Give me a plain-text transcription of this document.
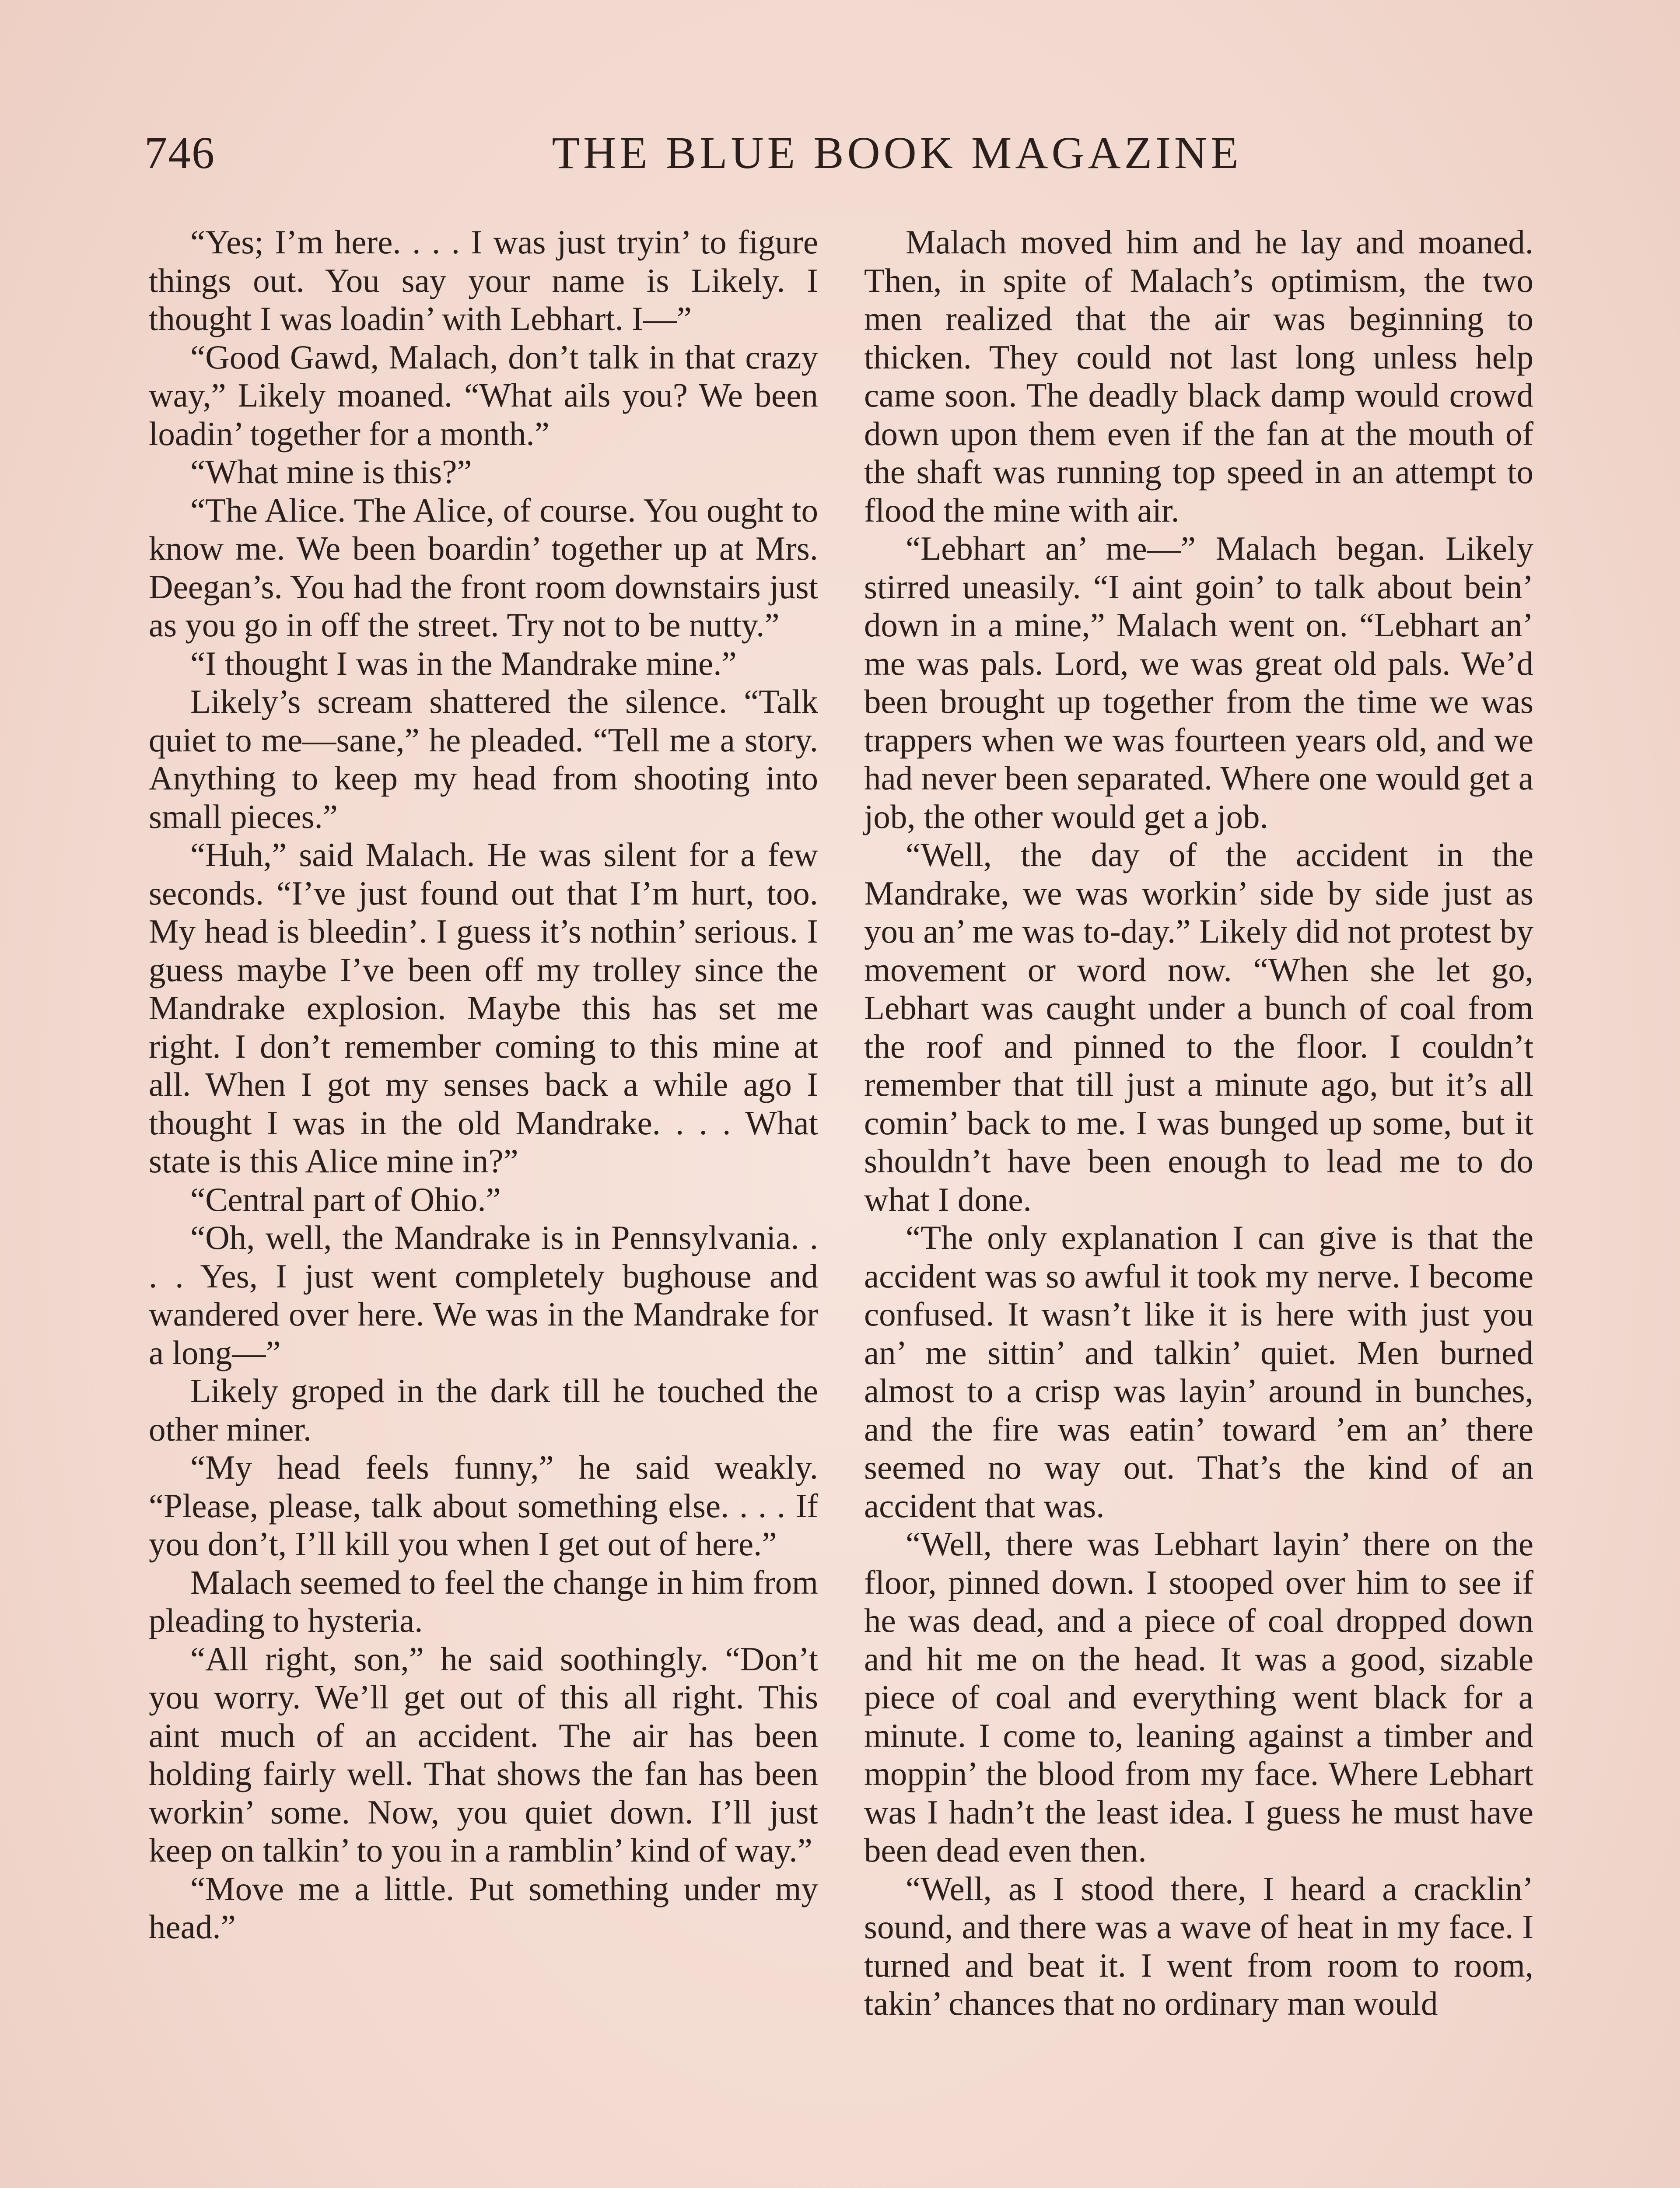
746	THE BLUE BOOK MAGAZINE

“Yes; I’m here. . . . I was just tryin’ to figure things out. You say your name is Likely. I thought I was loadin’ with Lebhart. I—”

“Good Gawd, Malach, don’t talk in that crazy way,” Likely moaned. “What ails you? We been loadin’ together for a month.”

“What mine is this?”

“The Alice. The Alice, of course. You ought to know me. We been boardin’ together up at Mrs. Deegan’s. You had the front room downstairs just as you go in off the street. Try not to be nutty.”

“I thought I was in the Mandrake mine.”

Likely’s scream shattered the silence. “Talk quiet to me—sane,” he pleaded. “Tell me a story. Anything to keep my head from shooting into small pieces.”

“Huh,” said Malach. He was silent for a few seconds. “I’ve just found out that I’m hurt, too. My head is bleedin’. I guess it’s nothin’ serious. I guess maybe I’ve been off my trolley since the Mandrake explosion. Maybe this has set me right. I don’t remember coming to this mine at all. When I got my senses back a while ago I thought I was in the old Mandrake. . . . What state is this Alice mine in?”

“Central part of Ohio.”

“Oh, well, the Mandrake is in Pennsylvania. . . . Yes, I just went completely bughouse and wandered over here. We was in the Mandrake for a long—”

Likely groped in the dark till he touched the other miner.

“My head feels funny,” he said weakly. “Please, please, talk about something else. . . . If you don’t, I’ll kill you when I get out of here.”

Malach seemed to feel the change in him from pleading to hysteria.

“All right, son,” he said soothingly. “Don’t you worry. We’ll get out of this all right. This aint much of an accident. The air has been holding fairly well. That shows the fan has been workin’ some. Now, you quiet down. I’ll just keep on talkin’ to you in a ramblin’ kind of way.”

“Move me a little. Put something under my head.”

Malach moved him and he lay and moaned. Then, in spite of Malach’s optimism, the two men realized that the air was beginning to thicken. They could not last long unless help came soon. The deadly black damp would crowd down upon them even if the fan at the mouth of the shaft was running top speed in an attempt to flood the mine with air.

“Lebhart an’ me—” Malach began. Likely stirred uneasily. “I aint goin’ to talk about bein’ down in a mine,” Malach went on. “Lebhart an’ me was pals. Lord, we was great old pals. We’d been brought up together from the time we was trappers when we was fourteen years old, and we had never been separated. Where one would get a job, the other would get a job.

“Well, the day of the accident in the Mandrake, we was workin’ side by side just as you an’ me was to-day.” Likely did not protest by movement or word now. “When she let go, Lebhart was caught under a bunch of coal from the roof and pinned to the floor. I couldn’t remember that till just a minute ago, but it’s all comin’ back to me. I was bunged up some, but it shouldn’t have been enough to lead me to do what I done.

“The only explanation I can give is that the accident was so awful it took my nerve. I become confused. It wasn’t like it is here with just you an’ me sittin’ and talkin’ quiet. Men burned almost to a crisp was layin’ around in bunches, and the fire was eatin’ toward ’em an’ there seemed no way out. That’s the kind of an accident that was.

“Well, there was Lebhart layin’ there on the floor, pinned down. I stooped over him to see if he was dead, and a piece of coal dropped down and hit me on the head. It was a good, sizable piece of coal and everything went black for a minute. I come to, leaning against a timber and moppin’ the blood from my face. Where Lebhart was I hadn’t the least idea. I guess he must have been dead even then.

“Well, as I stood there, I heard a cracklin’ sound, and there was a wave of heat in my face. I turned and beat it. I went from room to room, takin’ chances that no ordinary man would
